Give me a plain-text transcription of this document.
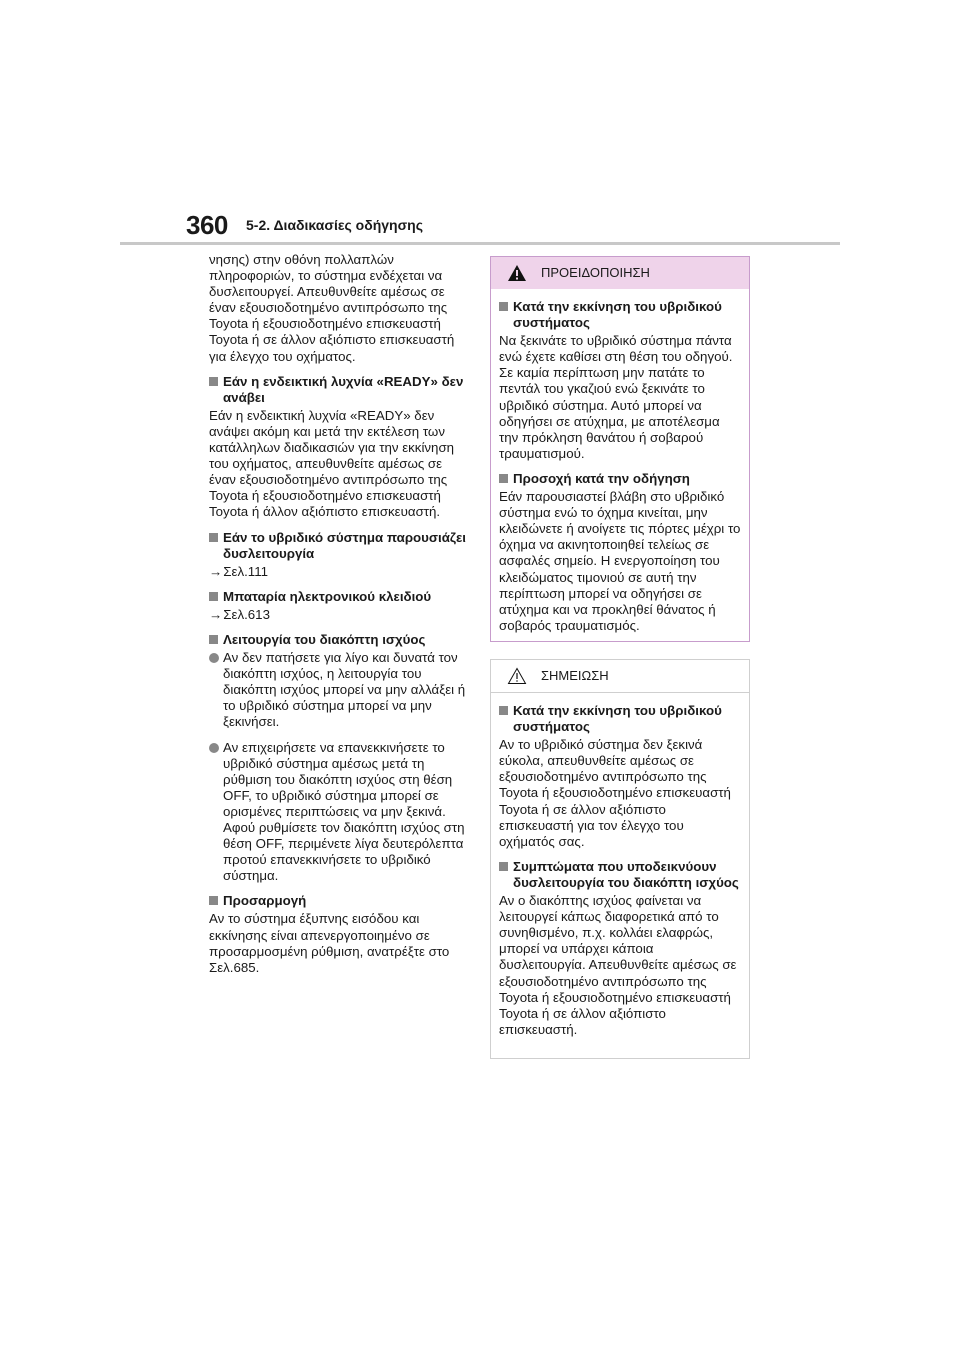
360 5-2. Διαδικασίες οδήγησης

νησης) στην οθόνη πολλαπλών πληροφοριών, το σύστημα ενδέχεται να δυσλειτουργεί. Απευθυνθείτε αμέσως σε έναν εξουσιοδοτημένο αντιπρόσωπο της Toyota ή εξουσιοδοτημένο επισκευαστή Toyota ή σε άλλον αξιόπιστο επισκευαστή για έλεγχο του οχήματος.

Εάν η ενδεικτική λυχνία «READY» δεν ανάβει

Εάν η ενδεικτική λυχνία «READY» δεν ανάψει ακόμη και μετά την εκτέλεση των κατάλληλων διαδικασιών για την εκκίνηση του οχήματος, απευθυνθείτε αμέσως σε έναν εξουσιοδοτημένο αντιπρόσωπο της Toyota ή εξουσιοδοτημένο επισκευαστή Toyota ή άλλον αξιόπιστο επισκευαστή.

Εάν το υβριδικό σύστημα παρουσιάζει δυσλειτουργία

→Σελ.111

Μπαταρία ηλεκτρονικού κλειδιού

→Σελ.613

Λειτουργία του διακόπτη ισχύος
Αν δεν πατήσετε για λίγο και δυνατά τον διακόπτη ισχύος, η λειτουργία του διακόπτη ισχύος μπορεί να μην αλλάξει ή το υβριδικό σύστημα μπορεί να μην ξεκινήσει.
Αν επιχειρήσετε να επανεκκινήσετε το υβριδικό σύστημα αμέσως μετά τη ρύθμιση του διακόπτη ισχύος στη θέση OFF, το υβριδικό σύστημα μπορεί σε ορισμένες περιπτώσεις να μην ξεκινά. Αφού ρυθμίσετε τον διακόπτη ισχύος στη θέση OFF, περιμένετε λίγα δευτερόλεπτα προτού επανεκκινήσετε το υβριδικό σύστημα.
Προσαρμογή

Αν το σύστημα έξυπνης εισόδου και εκκίνησης είναι απενεργοποιημένο σε προσαρμοσμένη ρύθμιση, ανατρέξτε στο Σελ.685.

ΠΡΟΕΙΔΟΠΟΙΗΣΗ
Κατά την εκκίνηση του υβριδικού συστήματος

Να ξεκινάτε το υβριδικό σύστημα πάντα ενώ έχετε καθίσει στη θέση του οδηγού. Σε καμία περίπτωση μην πατάτε το πεντάλ του γκαζιού ενώ ξεκινάτε το υβριδικό σύστημα. Αυτό μπορεί να οδηγήσει σε ατύχημα, με αποτέλεσμα την πρόκληση θανάτου ή σοβαρού τραυματισμού.

Προσοχή κατά την οδήγηση

Εάν παρουσιαστεί βλάβη στο υβριδικό σύστημα ενώ το όχημα κινείται, μην κλειδώνετε ή ανοίγετε τις πόρτες μέχρι το όχημα να ακινητοποιηθεί τελείως σε ασφαλές σημείο. Η ενεργοποίηση του κλειδώματος τιμονιού σε αυτή την περίπτωση μπορεί να οδηγήσει σε ατύχημα και να προκληθεί θάνατος ή σοβαρός τραυματισμός.

ΣΗΜΕΙΩΣΗ
Κατά την εκκίνηση του υβριδικού συστήματος

Αν το υβριδικό σύστημα δεν ξεκινά εύκολα, απευθυνθείτε αμέσως σε εξουσιοδοτημένο αντιπρόσωπο της Toyota ή εξουσιοδοτημένο επισκευαστή Toyota ή σε άλλον αξιόπιστο επισκευαστή για τον έλεγχο του οχήματός σας.

Συμπτώματα που υποδεικνύουν δυσλειτουργία του διακόπτη ισχύος

Αν ο διακόπτης ισχύος φαίνεται να λειτουργεί κάπως διαφορετικά από το συνηθισμένο, π.χ. κολλάει ελαφρώς, μπορεί να υπάρχει κάποια δυσλειτουργία. Απευθυνθείτε αμέσως σε εξουσιοδοτημένο αντιπρόσωπο της Toyota ή εξουσιοδοτημένο επισκευαστή Toyota ή σε άλλον αξιόπιστο επισκευαστή.
